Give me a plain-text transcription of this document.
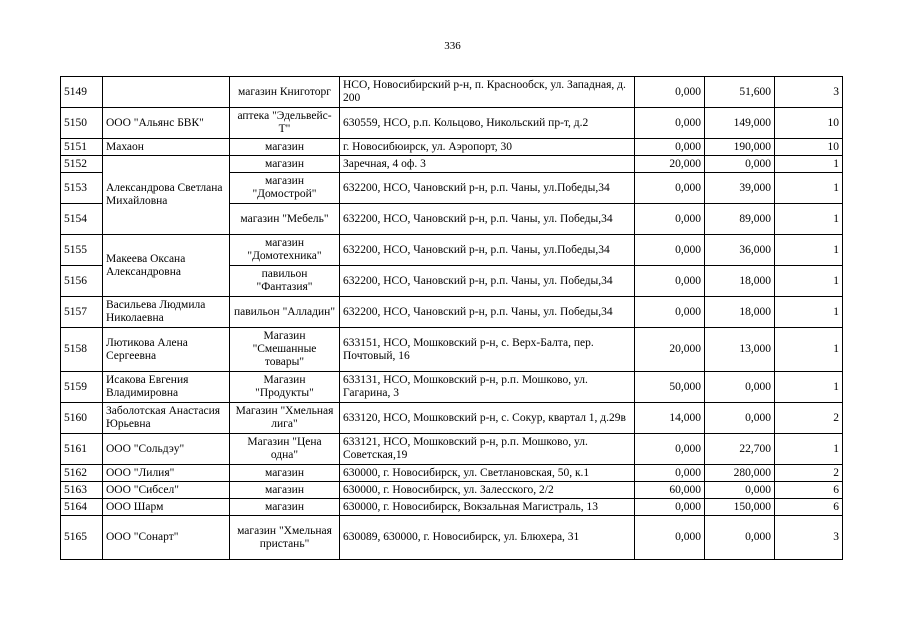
336
5149		магазин Книготорг	НСО, Новосибирский р-н, п. Краснообск, ул. Западная, д. 200	0,000	51,600	3
5150	ООО "Альянс БВК"	аптека "Эдельвейс-Т"	630559, НСО, р.п. Кольцово, Никольский пр-т, д.2	0,000	149,000	10
5151	Махаон	магазин	г. Новосибюирск, ул. Аэропорт, 30	0,000	190,000	10
5152	Александрова Светлана Михайловна	магазин	Заречная, 4 оф. 3	20,000	0,000	1
5153		магазин "Домострой"	632200, НСО, Чановский р-н, р.п. Чаны, ул.Победы,34	0,000	39,000	1
5154		магазин "Мебель"	632200, НСО, Чановский р-н, р.п. Чаны, ул. Победы,34	0,000	89,000	1
5155	Макеева Оксана Александровна	магазин "Домотехника"	632200, НСО, Чановский р-н, р.п. Чаны, ул.Победы,34	0,000	36,000	1
5156		павильон "Фантазия"	632200, НСО, Чановский р-н, р.п. Чаны, ул. Победы,34	0,000	18,000	1
5157	Васильева Людмила Николаевна	павильон "Алладин"	632200, НСО, Чановский р-н, р.п. Чаны, ул. Победы,34	0,000	18,000	1
5158	Лютикова Алена Сергеевна	Магазин "Смешанные товары"	633151, НСО, Мошковский р-н, с. Верх-Балта, пер. Почтовый, 16	20,000	13,000	1
5159	Исакова Евгения Владимировна	Магазин "Продукты"	633131, НСО, Мошковский р-н, р.п. Мошково, ул. Гагарина, 3	50,000	0,000	1
5160	Заболотская Анастасия Юрьевна	Магазин "Хмельная лига"	633120, НСО, Мошковский р-н, с. Сокур, квартал 1, д.29в	14,000	0,000	2
5161	ООО "Сольдэу"	Магазин "Цена одна"	633121, НСО, Мошковский р-н, р.п. Мошково, ул. Советская,19	0,000	22,700	1
5162	ООО "Лилия"	магазин	630000, г. Новосибирск, ул. Светлановская, 50, к.1	0,000	280,000	2
5163	ООО "Сибсел"	магазин	630000, г. Новосибирск, ул. Залесского, 2/2	60,000	0,000	6
5164	ООО Шарм	магазин	630000, г. Новосибирск, Вокзальная Магистраль, 13	0,000	150,000	6
5165	ООО "Сонарт"	магазин "Хмельная пристань"	630089, 630000, г. Новосибирск, ул. Блюхера, 31	0,000	0,000	3
